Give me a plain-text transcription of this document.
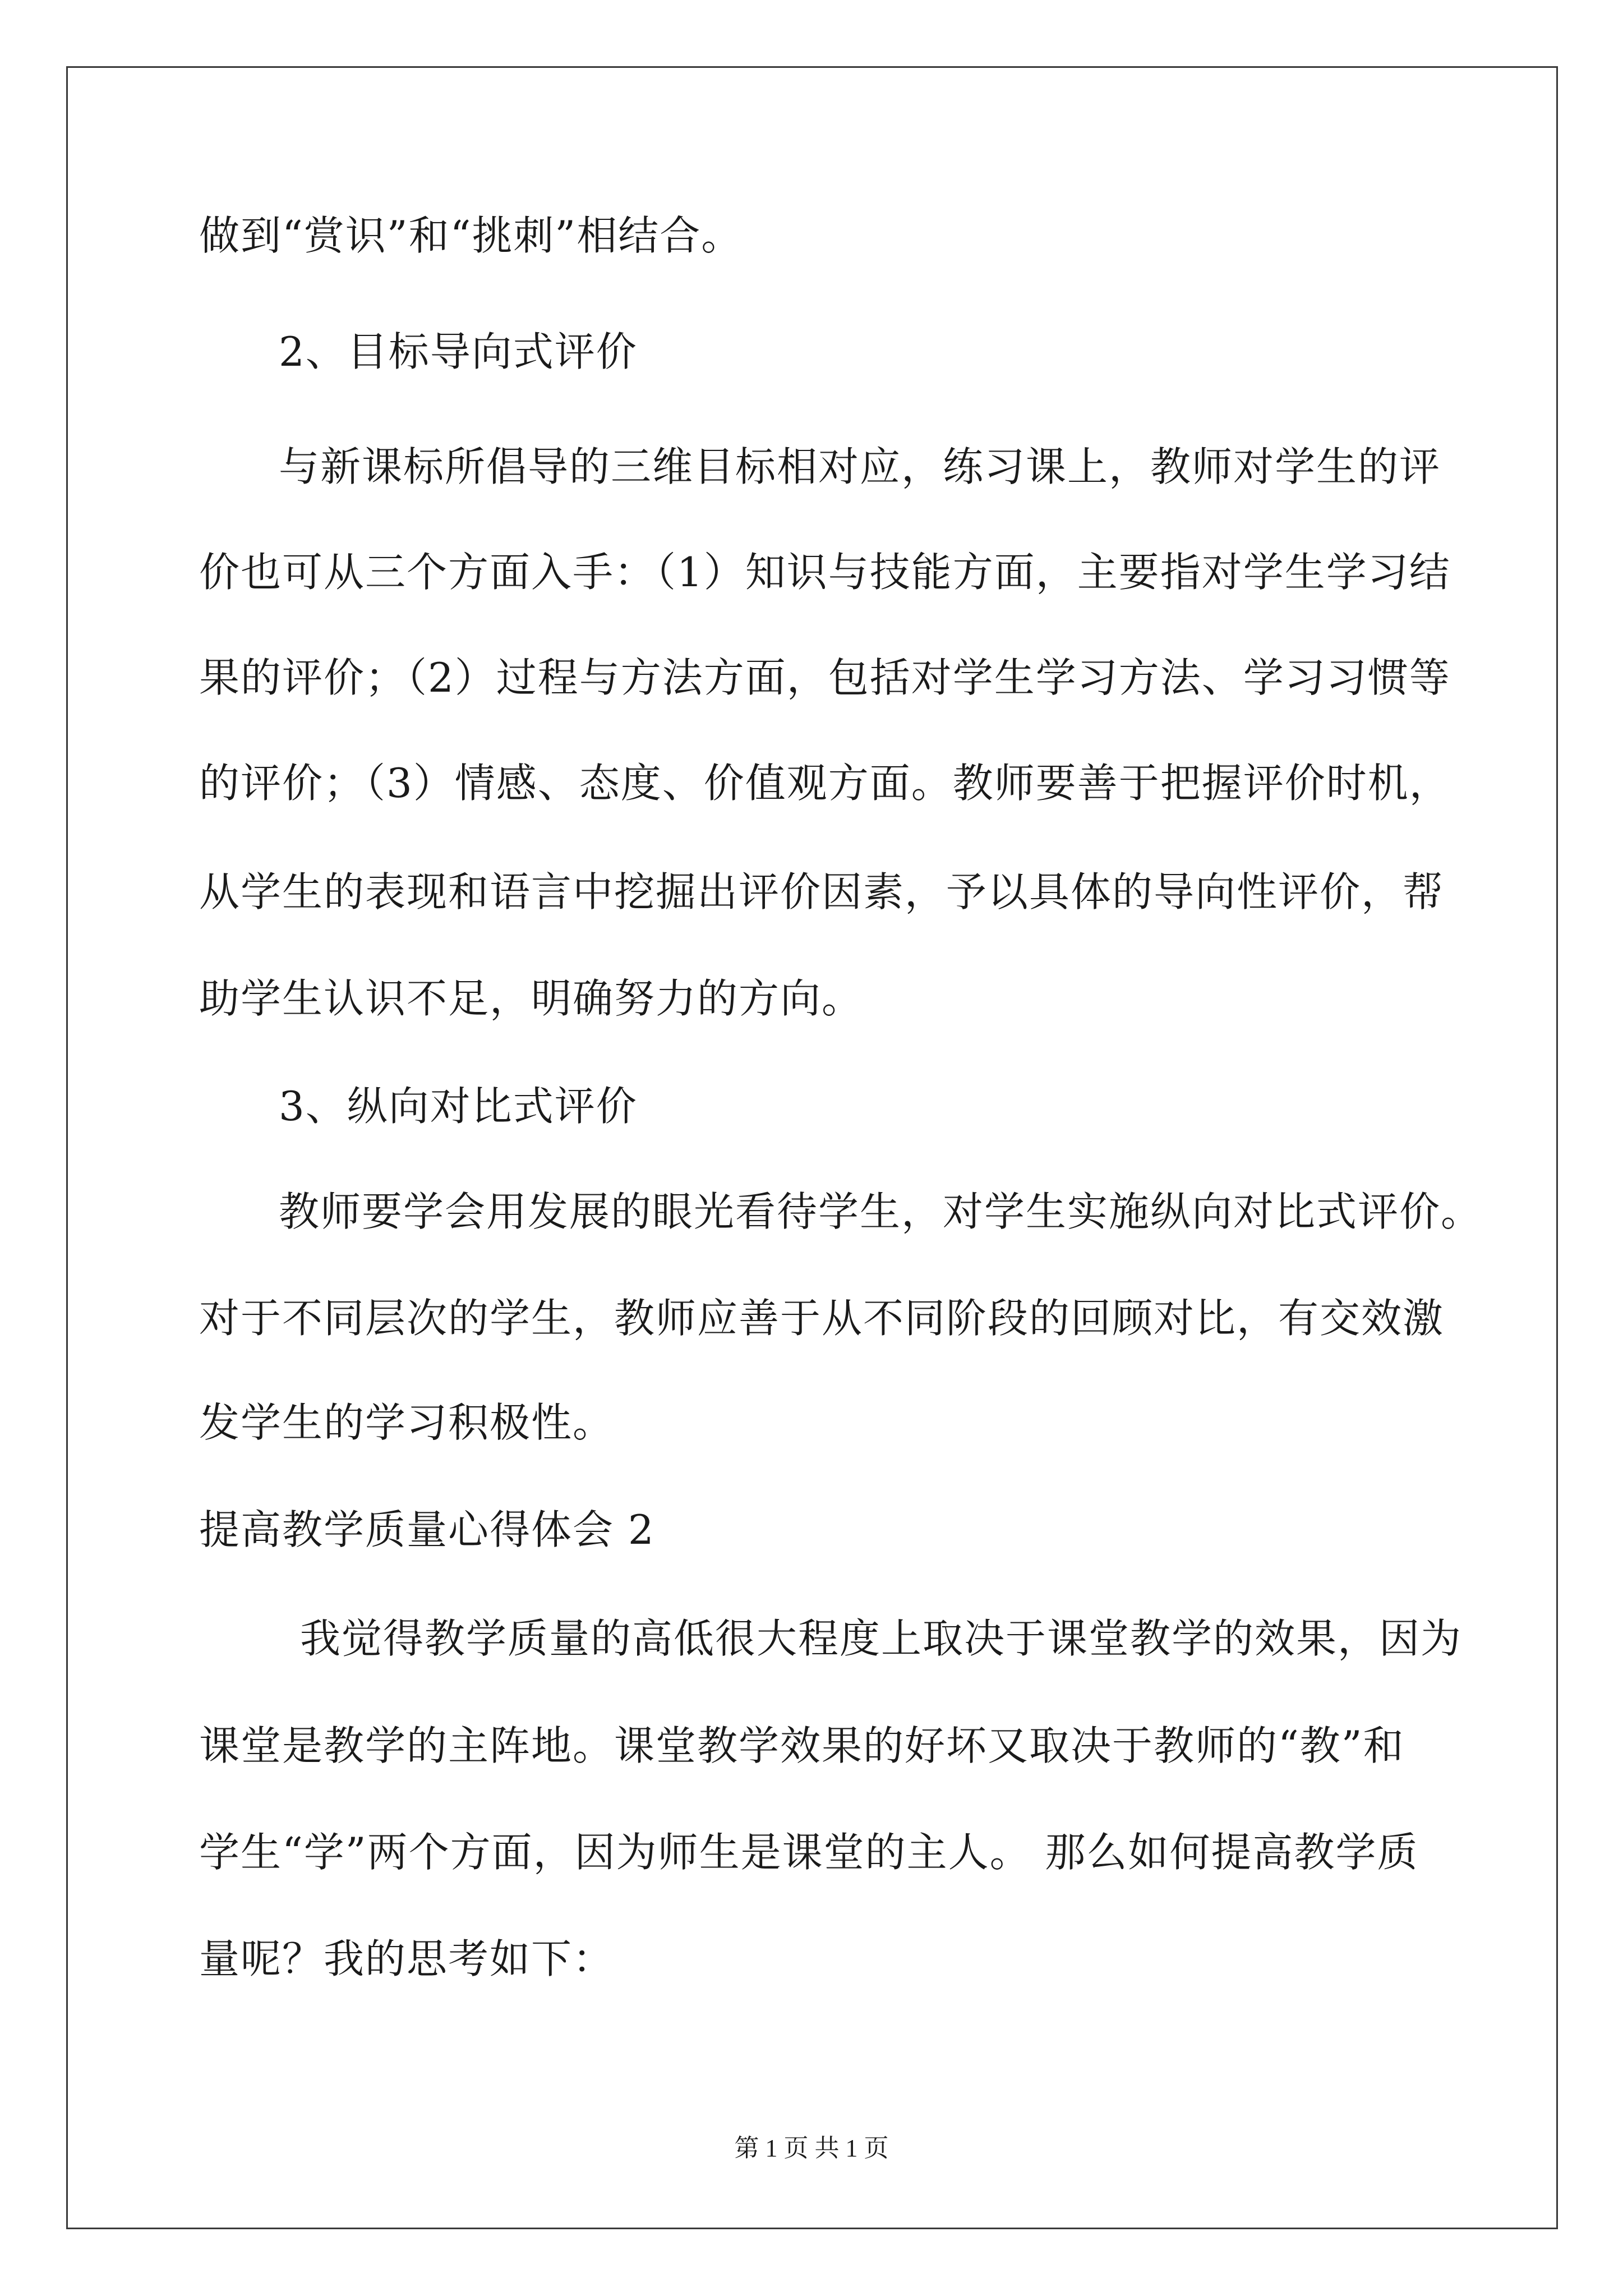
做到“赏识”和“挑刺”相结合。
2、目标导向式评价
与新课标所倡导的三维目标相对应，练习课上，教师对学生的评
价也可从三个方面入手：（1）知识与技能方面，主要指对学生学习结
果的评价；（2）过程与方法方面，包括对学生学习方法、学习习惯等
的评价；（3）情感、态度、价值观方面。教师要善于把握评价时机，
从学生的表现和语言中挖掘出评价因素，予以具体的导向性评价，帮
助学生认识不足，明确努力的方向。
3、纵向对比式评价
教师要学会用发展的眼光看待学生，对学生实施纵向对比式评价。
对于不同层次的学生，教师应善于从不同阶段的回顾对比，有交效激
发学生的学习积极性。
提高教学质量心得体会 2
我觉得教学质量的高低很大程度上取决于课堂教学的效果，因为
课堂是教学的主阵地。课堂教学效果的好坏又取决于教师的“教”和
学生“学”两个方面，因为师生是课堂的主人。 那么如何提高教学质
量呢？我的思考如下：
第 1 页 共 1 页
